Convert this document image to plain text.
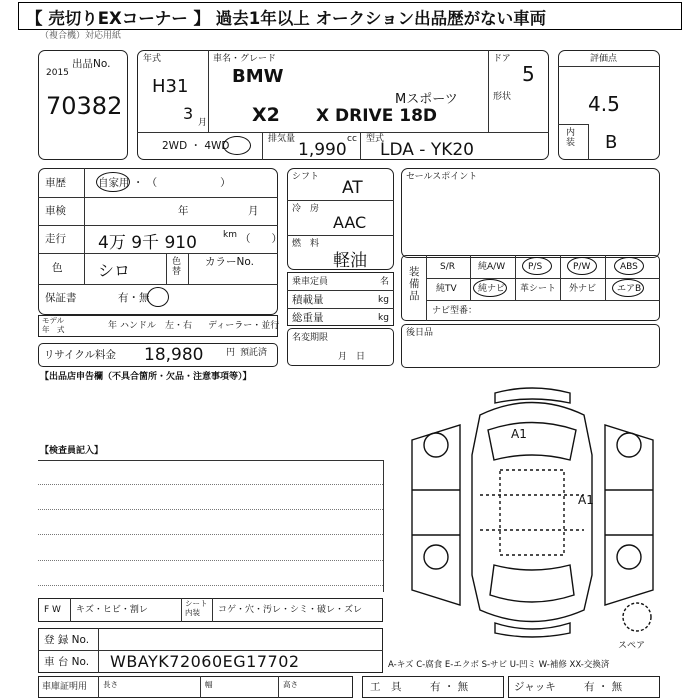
【 売切りEXコーナー 】 過去1年以上 オークション出品歴がない車両
（複合機）対応用紙
出品No.
2015
70382
年式
H31
3 月
車名・グレード
BMW
Mスポーツ
X2 X DRIVE 18D
ドア
5
形状
2WD ・ 4WD
排気量
1,990
cc 型式
LDA - YK20
評価点
4.5
内
装 B
車歴	自家用 ・ （　　　　　　）
車検	年	月
走行 4万 9千 910	km （　　）
色 シロ	色
替
カラーNo.
保証書	有・無
モデル
年　式	年 ハンドル　左・右 ディーラー・並行
リサイクル料金 18,980	円 預託済
【出品店申告欄（不具合箇所・欠品・注意事項等）】
シフト
AT
冷　房
AAC
燃　料
軽油
乗車定員	名
積載量	kg
総重量	kg
名変期限
月　日
セールスポイント
装
備
品
S/R	純A/W	P/S	P/W	ABS
純TV 純ナビ 革シート 外ナビ エアB
ナビ型番：
後日品
【検査員記入】
A1
A1
スペア
F W キズ・ヒビ・割レ
シート
内装	コゲ・穴・汚レ・シミ・破レ・ズレ
登 録 No.
車 台 No. WBAYK72060EG17702	A-キズ C-腐食 E-エクボ S-サビ U-凹ミ W-補修 XX-交換済
車庫証明用 長さ	幅	高さ	工　具	有 ・ 無	ジャッキ	有 ・ 無
